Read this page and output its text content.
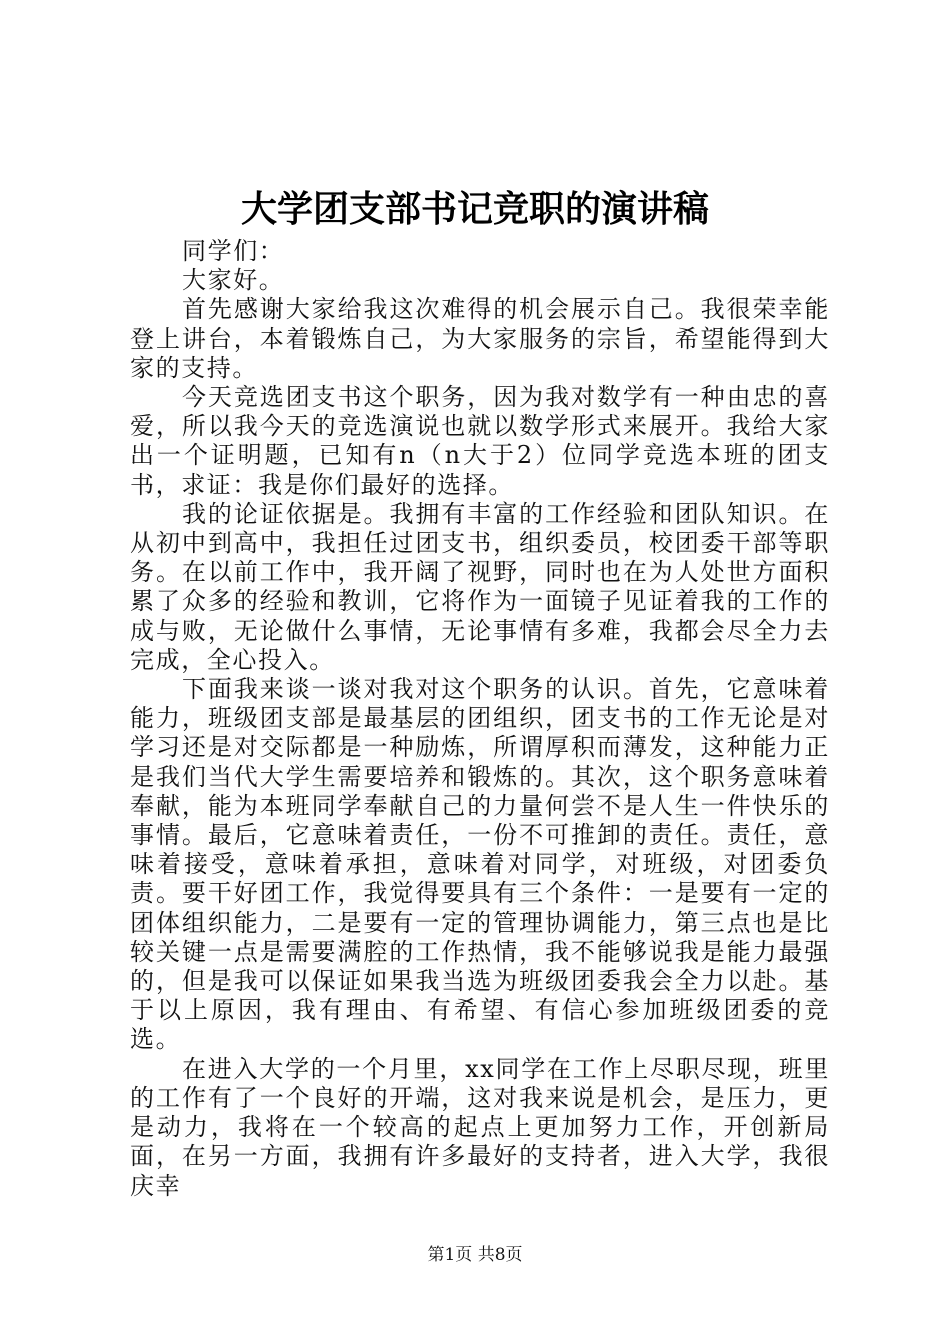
大学团支部书记竞职的演讲稿

同学们：

大家好。

首先感谢大家给我这次难得的机会展示自己。我很荣幸能登上讲台，本着锻炼自己，为大家服务的宗旨，希望能得到大家的支持。

今天竞选团支书这个职务，因为我对数学有一种由忠的喜爱，所以我今天的竞选演说也就以数学形式来展开。我给大家出一个证明题，已知有n（n大于2）位同学竞选本班的团支书，求证：我是你们最好的选择。

我的论证依据是。我拥有丰富的工作经验和团队知识。在从初中到高中，我担任过团支书，组织委员，校团委干部等职务。在以前工作中，我开阔了视野，同时也在为人处世方面积累了众多的经验和教训，它将作为一面镜子见证着我的工作的成与败，无论做什么事情，无论事情有多难，我都会尽全力去完成，全心投入。

下面我来谈一谈对我对这个职务的认识。首先，它意味着能力，班级团支部是最基层的团组织，团支书的工作无论是对学习还是对交际都是一种励炼，所谓厚积而薄发，这种能力正是我们当代大学生需要培养和锻炼的。其次，这个职务意味着奉献，能为本班同学奉献自己的力量何尝不是人生一件快乐的事情。最后，它意味着责任，一份不可推卸的责任。责任，意味着接受，意味着承担，意味着对同学，对班级，对团委负责。要干好团工作，我觉得要具有三个条件：一是要有一定的团体组织能力，二是要有一定的管理协调能力，第三点也是比较关键一点是需要满腔的工作热情，我不能够说我是能力最强的，但是我可以保证如果我当选为班级团委我会全力以赴。基于以上原因，我有理由、有希望、有信心参加班级团委的竞选。

在进入大学的一个月里，xx同学在工作上尽职尽现，班里的工作有了一个良好的开端，这对我来说是机会，是压力，更是动力，我将在一个较高的起点上更加努力工作，开创新局面，在另一方面，我拥有许多最好的支持者，进入大学，我很庆幸

第1页 共8页
